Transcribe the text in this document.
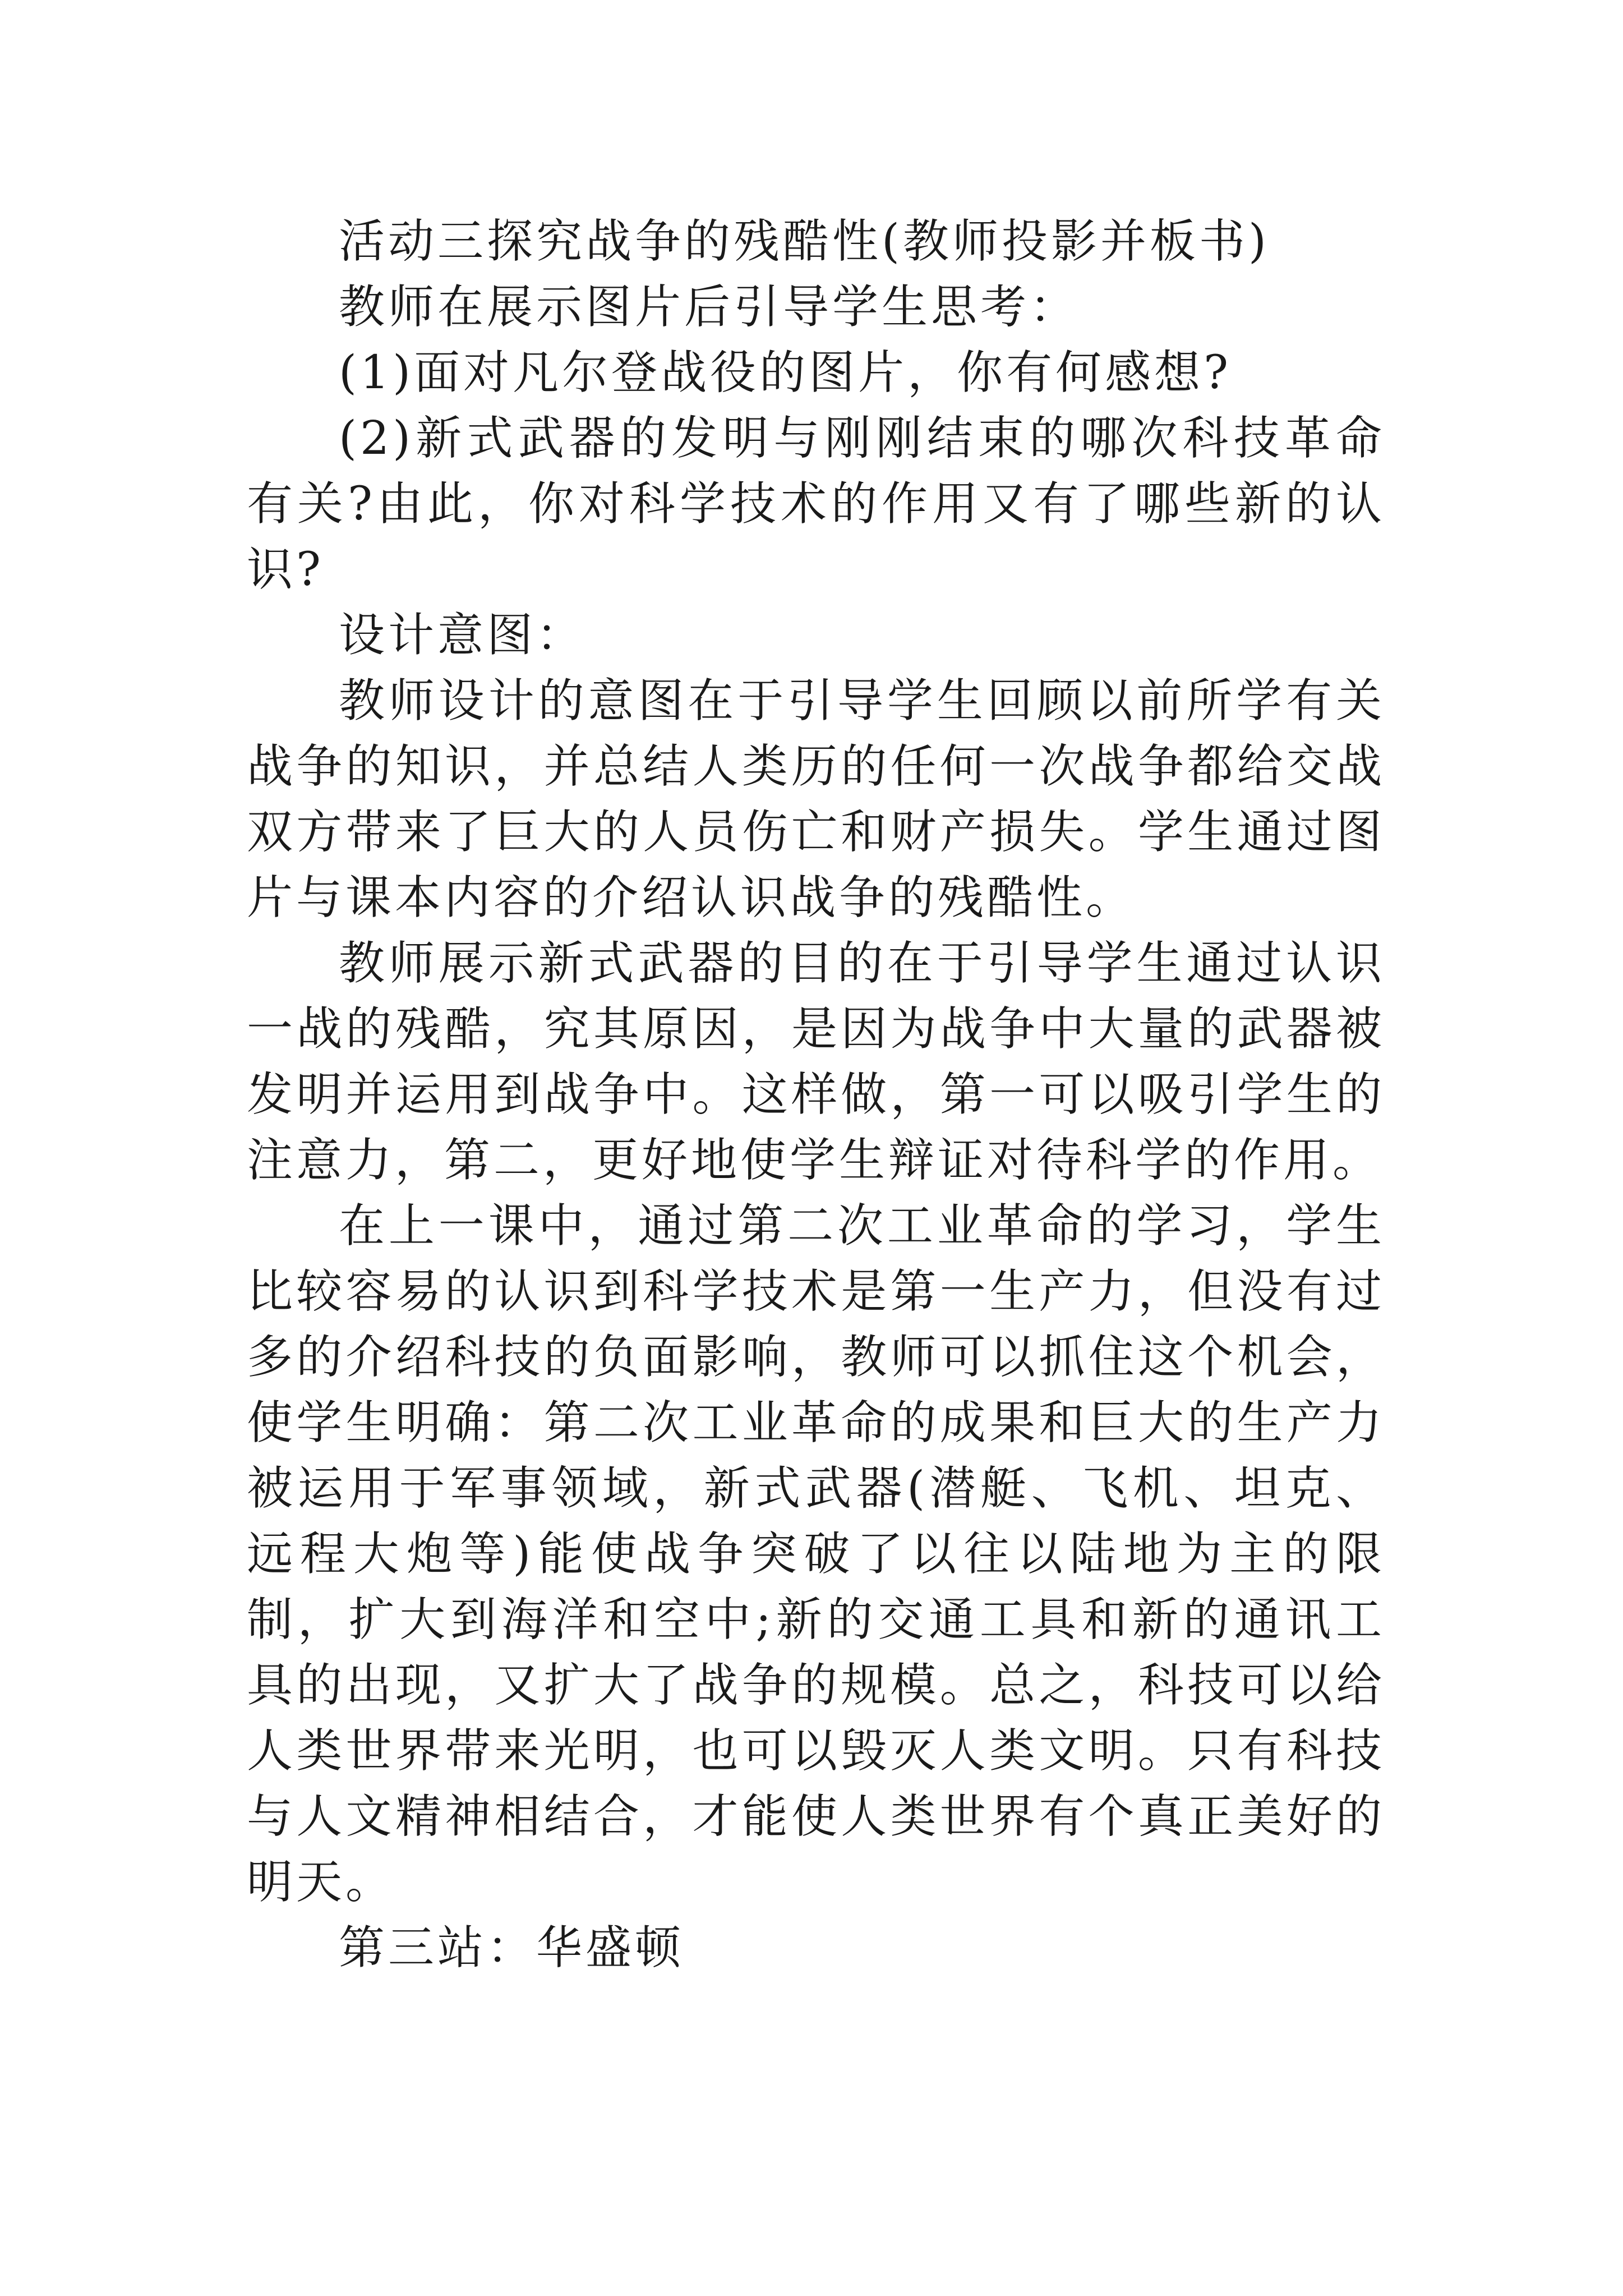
活动三探究战争的残酷性(教师投影并板书)

教师在展示图片后引导学生思考：

(1)面对凡尔登战役的图片，你有何感想?

(2)新式武器的发明与刚刚结束的哪次科技革命有关?由此，你对科学技术的作用又有了哪些新的认识?

设计意图：

教师设计的意图在于引导学生回顾以前所学有关战争的知识，并总结人类历的任何一次战争都给交战双方带来了巨大的人员伤亡和财产损失。学生通过图片与课本内容的介绍认识战争的残酷性。

教师展示新式武器的目的在于引导学生通过认识一战的残酷，究其原因，是因为战争中大量的武器被发明并运用到战争中。这样做，第一可以吸引学生的注意力，第二，更好地使学生辩证对待科学的作用。

在上一课中，通过第二次工业革命的学习，学生比较容易的认识到科学技术是第一生产力，但没有过多的介绍科技的负面影响，教师可以抓住这个机会，使学生明确：第二次工业革命的成果和巨大的生产力被运用于军事领域，新式武器(潜艇、飞机、坦克、远程大炮等)能使战争突破了以往以陆地为主的限制，扩大到海洋和空中;新的交通工具和新的通讯工具的出现，又扩大了战争的规模。总之，科技可以给人类世界带来光明，也可以毁灭人类文明。只有科技与人文精神相结合，才能使人类世界有个真正美好的明天。

第三站：华盛顿
